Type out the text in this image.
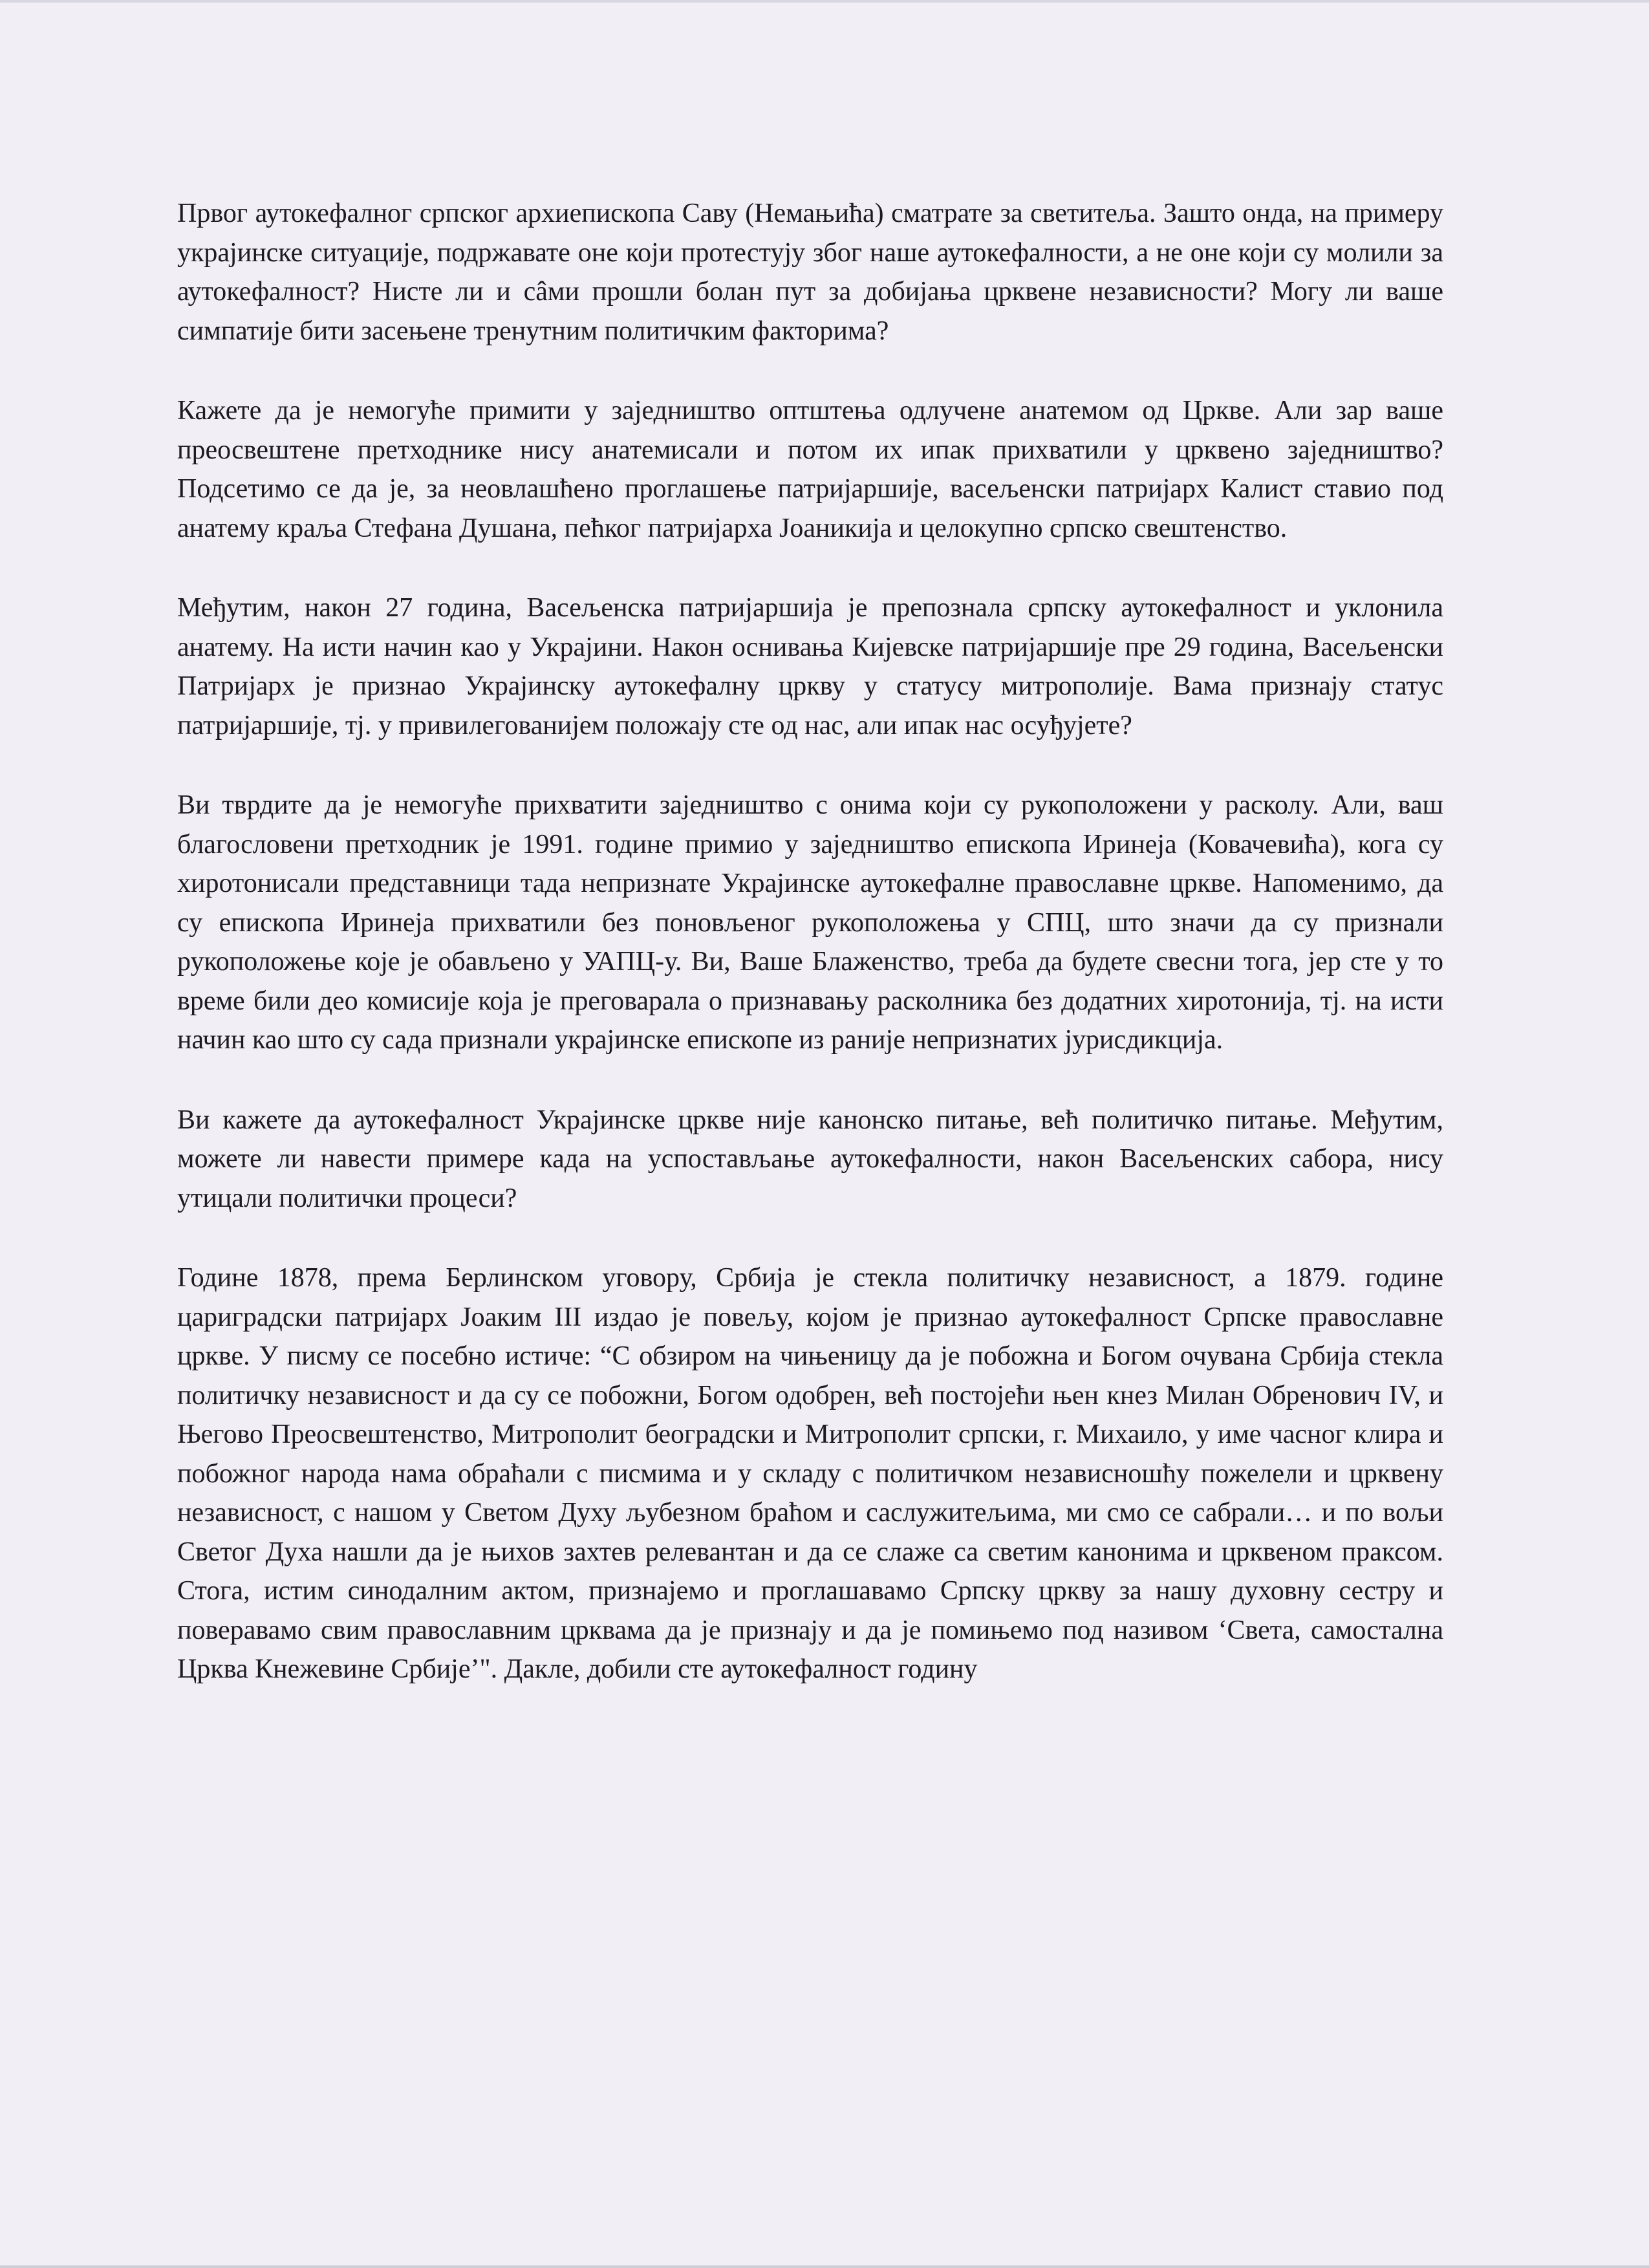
Првог аутокефалног српског архиепископа Саву (Немањића) сматрате за светитеља. Зашто онда, на примеру украјинске ситуације, подржавате оне који протестују због наше аутокефалности, а не оне који су молили за аутокефалност? Нисте ли и сâми прошли болан пут за добијања црквене независности? Могу ли ваше симпатије бити засењене тренутним политичким факторима?

Кажете да је немогуће примити у заједништво оптштења одлучене анатемом од Цркве. Али зар ваше преосвештене претходнике нису анатемисали и потом их ипак прихватили у црквено заједништво? Подсетимо се да је, за неовлашћено проглашење патријаршије, васељенски патријарх Калист ставио под анатему краља Стефана Душана, пећког патријарха Јоаникија и целокупно српско свештенство.

Међутим, након 27 година, Васељенска патријаршија је препознала српску аутокефалност и уклонила анатему. На исти начин као у Украјини. Након оснивања Кијевске патријаршије пре 29 година, Васељенски Патријарх је признао Украјинску аутокефалну цркву у статусу митрополије. Вама признају статус патријаршије, тј. у привилегованијем положају сте од нас, али ипак нас осуђујете?

Ви тврдите да је немогуће прихватити заједништво с онима који су рукоположени у расколу. Али, ваш благословени претходник је 1991. године примио у заједништво епископа Иринеја (Ковачевића), кога су хиротонисали представници тада непризнате Украјинске аутокефалне православне цркве. Напоменимо, да су епископа Иринеја прихватили без поновљеног рукоположења у СПЦ, што значи да су признали рукоположење које је обављено у УАПЦ-у. Ви, Ваше Блаженство, треба да будете свесни тога, јер сте у то време били део комисије која је преговарала о признавању расколника без додатних хиротонија, тј. на исти начин као што су сада признали украјинске епископе из раније непризнатих јурисдикција.

Ви кажете да аутокефалност Украјинске цркве није канонско питање, већ политичко питање. Међутим, можете ли навести примере када на успостављање аутокефалности, након Васељенских сабора, нису утицали политички процеси?

Године 1878, према Берлинском уговору, Србија је стекла политичку независност, а 1879. године цариградски патријарх Јоаким III издао је повељу, којом је признао аутокефалност Српске православне цркве. У писму се посебно истиче: “С обзиром на чињеницу да је побожна и Богом очувана Србија стекла политичку независност и да су се побожни, Богом одобрен, већ постојећи њен кнез Милан Обренович IV, и Његово Преосвештенство, Митрополит београдски и Митрополит српски, г. Михаило, у име часног клира и побожног народа нама обраћали с писмима и у складу с политичком независношћу пожелели и црквену независност, с нашом у Светом Духу љубезном браћом и саслужитељима, ми смо се сабрали… и по вољи Светог Духа нашли да је њихов захтев релевантан и да се слаже са светим канонима и црквеном праксом. Стога, истим синодалним актом, признајемо и проглашавамо Српску цркву за нашу духовну сестру и поверавамо свим православним црквама да је признају и да је помињемо под називом ‘Света, самостална Црква Кнежевине Србије’". Дакле, добили сте аутокефалност годину
